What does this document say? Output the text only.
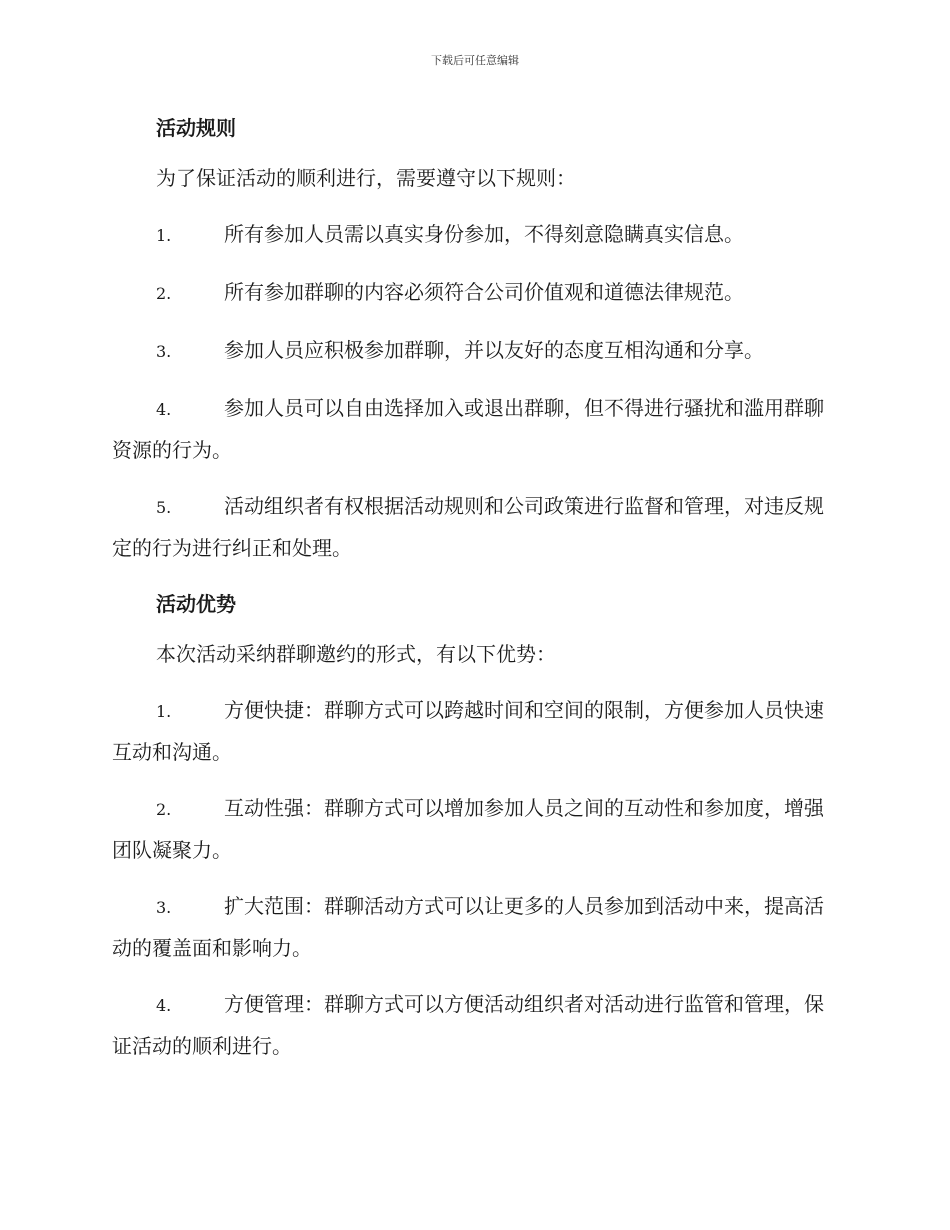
下载后可任意编辑
活动规则
为了保证活动的顺利进行，需要遵守以下规则：
1.	所有参加人员需以真实身份参加，不得刻意隐瞒真实信息。
2.	所有参加群聊的内容必须符合公司价值观和道德法律规范。
3.	参加人员应积极参加群聊，并以友好的态度互相沟通和分享。
4.	参加人员可以自由选择加入或退出群聊，但不得进行骚扰和滥用群聊资源的行为。
5.	活动组织者有权根据活动规则和公司政策进行监督和管理，对违反规定的行为进行纠正和处理。
活动优势
本次活动采纳群聊邀约的形式，有以下优势：
1.	方便快捷：群聊方式可以跨越时间和空间的限制，方便参加人员快速互动和沟通。
2.	互动性强：群聊方式可以增加参加人员之间的互动性和参加度，增强团队凝聚力。
3.	扩大范围：群聊活动方式可以让更多的人员参加到活动中来，提高活动的覆盖面和影响力。
4.	方便管理：群聊方式可以方便活动组织者对活动进行监管和管理，保证活动的顺利进行。
